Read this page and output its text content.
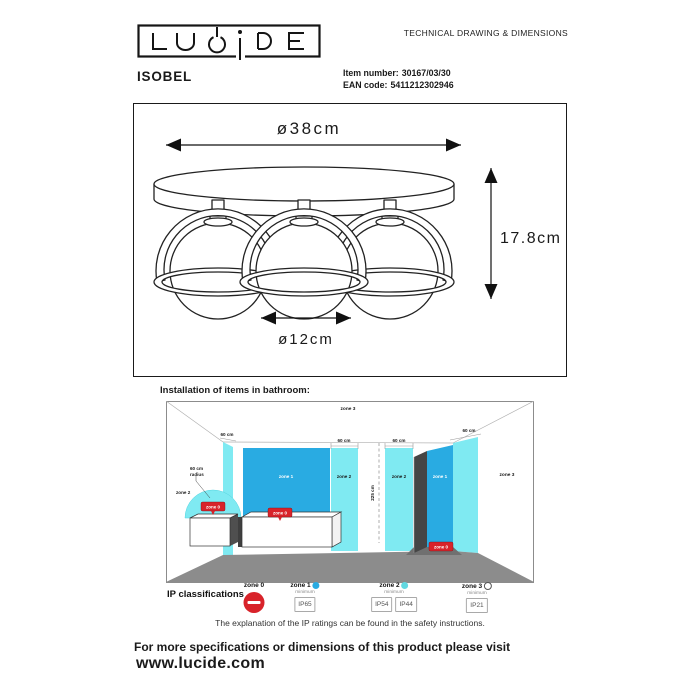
TECHNICAL DRAWING & DIMENSIONS
ISOBEL	Item number: 30167/03/30
EAN code: 5411212302946
ø38cm
17.8cm
ø12cm
Installation of items in bathroom:
zone 0
zone 0
zone 0
zone 3
zone 3
zone 1	zone 1
zone 2	zone 2
zone 2
60 cm
60 cm	60 cm
60 cm
60 cm
radius
225 cm
IP classifications
zone 0	zone 1
minimum
IP65
zone 2
minimum
IP54	IP44
zone 3
minimum
IP21
The explanation of the IP ratings can be found in the safety instructions.
For more specifications or dimensions of this product please visit
www.lucide.com
